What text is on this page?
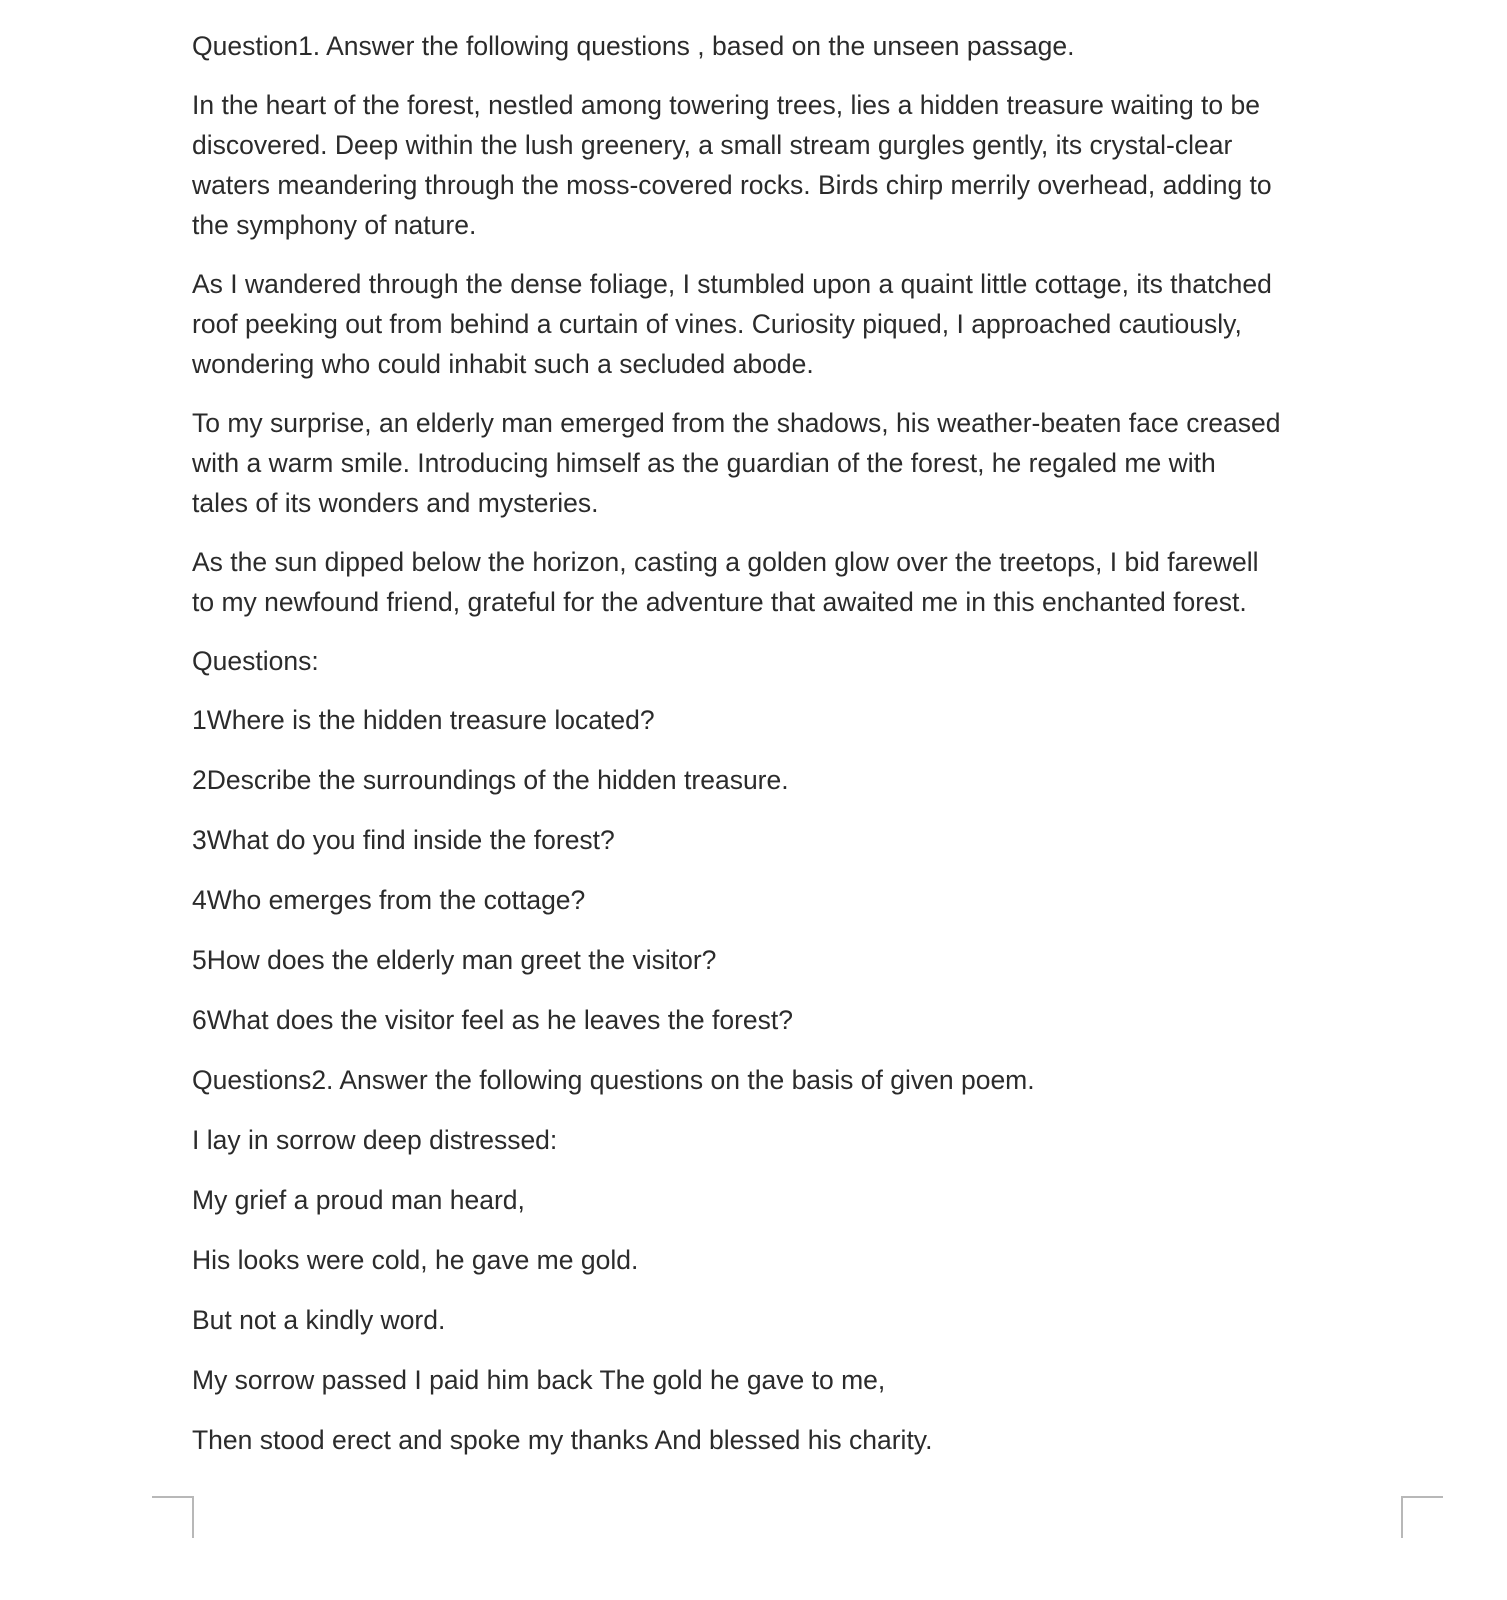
Question1. Answer the following questions , based on the unseen passage.

In the heart of the forest, nestled among towering trees, lies a hidden treasure waiting to be

discovered. Deep within the lush greenery, a small stream gurgles gently, its crystal-clear

waters meandering through the moss-covered rocks. Birds chirp merrily overhead, adding to

the symphony of nature.

As I wandered through the dense foliage, I stumbled upon a quaint little cottage, its thatched

roof peeking out from behind a curtain of vines. Curiosity piqued, I approached cautiously,

wondering who could inhabit such a secluded abode.

To my surprise, an elderly man emerged from the shadows, his weather-beaten face creased

with a warm smile. Introducing himself as the guardian of the forest, he regaled me with

tales of its wonders and mysteries.

As the sun dipped below the horizon, casting a golden glow over the treetops, I bid farewell

to my newfound friend, grateful for the adventure that awaited me in this enchanted forest.

Questions:

1Where is the hidden treasure located?

2Describe the surroundings of the hidden treasure.

3What do you find inside the forest?

4Who emerges from the cottage?

5How does the elderly man greet the visitor?

6What does the visitor feel as he leaves the forest?

Questions2. Answer the following questions on the basis of given poem.

I lay in sorrow deep distressed:

My grief a proud man heard,

His looks were cold, he gave me gold.

But not a kindly word.

My sorrow passed I paid him back The gold he gave to me,

Then stood erect and spoke my thanks And blessed his charity.
